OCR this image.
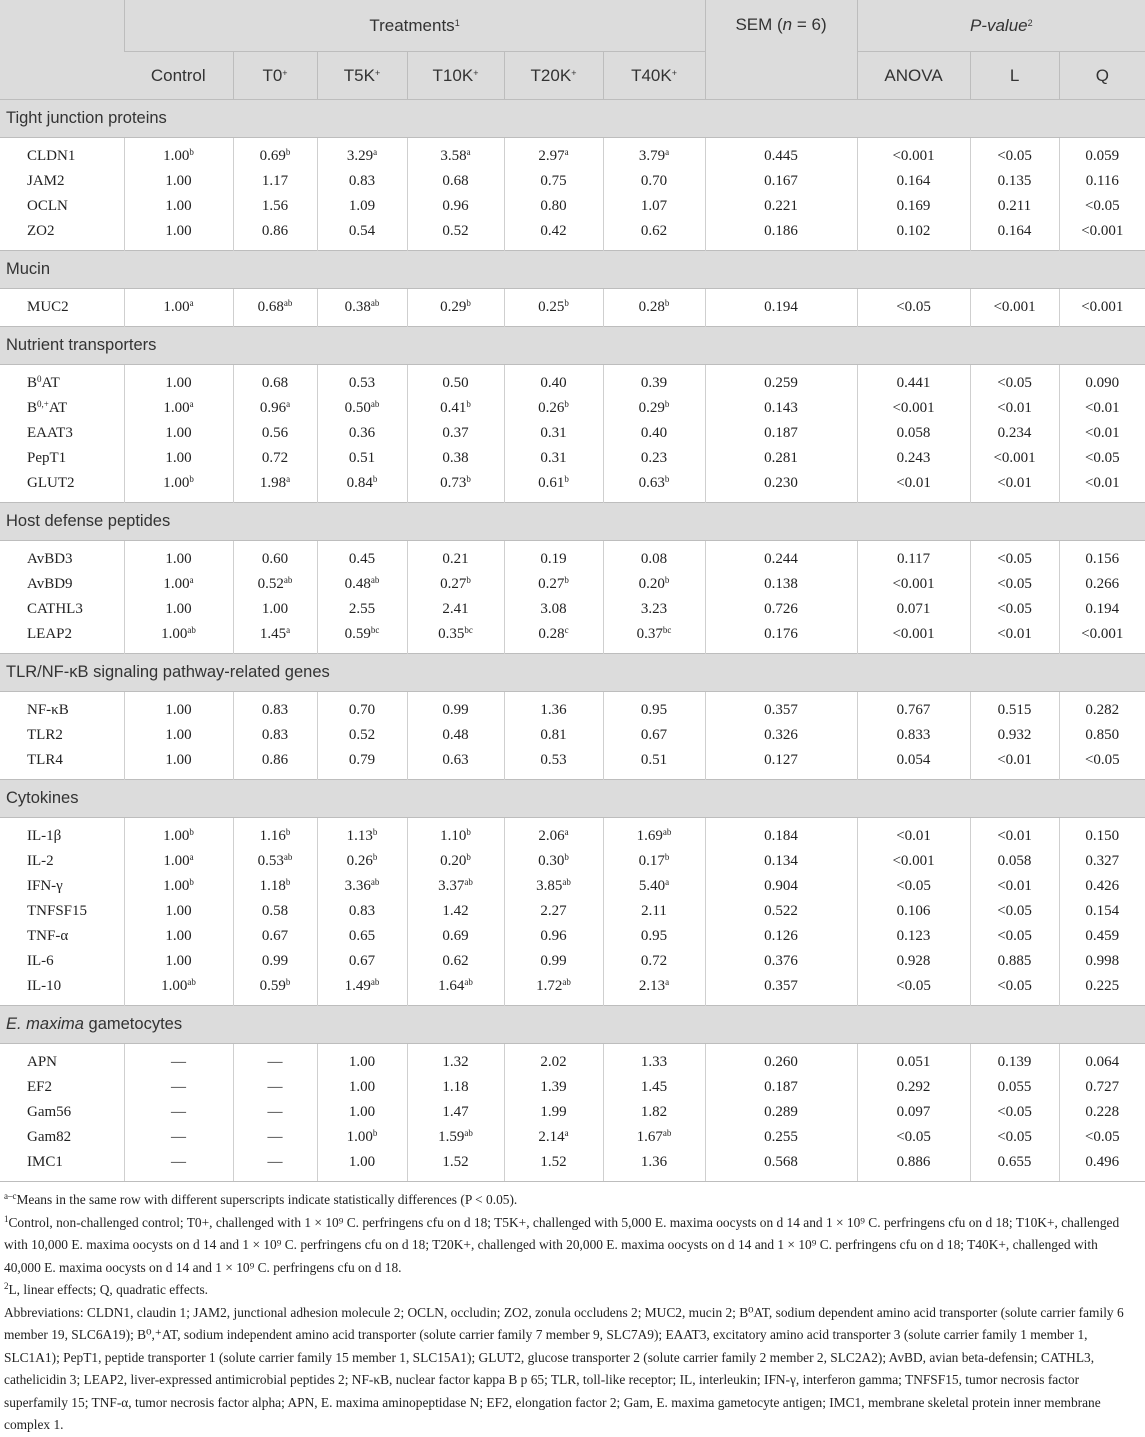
	Treatments$^1$						SEM (n = 6)	P-value$^2$
	Control	T0+	T5K+	T10K+	T20K+	T40K+		ANOVA	L	Q
Tight junction proteins										
CLDN1	1.00$^b$	0.69$^b$	3.29$^a$	3.58$^a$	2.97$^a$	3.79$^a$	0.445	<0.001	<0.05	0.059
JAM2	1.00	1.17	0.83	0.68	0.75	0.70	0.167	0.164	0.135	0.116
OCLN	1.00	1.56	1.09	0.96	0.80	1.07	0.221	0.169	0.211	<0.05
ZO2	1.00	0.86	0.54	0.52	0.42	0.62	0.186	0.102	0.164	<0.001
Mucin										
MUC2	1.00$^a$	0.68$^{ab}$	0.38$^{ab}$	0.29$^b$	0.25$^b$	0.28$^b$	0.194	<0.05	<0.001	<0.001
Nutrient transporters										
$B^0AT$	1.00	0.68	0.53	0.50	0.40	0.39	0.259	0.441	<0.05	0.090
$B^{0,+}AT$	1.00$^a$	0.96$^a$	0.50$^{ab}$	0.41$^b$	0.26$^b$	0.29$^b$	0.143	<0.001	<0.01	<0.01
EAAT3	1.00	0.56	0.36	0.37	0.31	0.40	0.187	0.058	0.234	<0.01
PepT1	1.00	0.72	0.51	0.38	0.31	0.23	0.281	0.243	<0.001	<0.05
GLUT2	1.00$^b$	1.98$^a$	0.84$^b$	0.73$^b$	0.61$^b$	0.63$^b$	0.230	<0.01	<0.01	<0.01
Host defense peptides										
AvBD3	1.00	0.60	0.45	0.21	0.19	0.08	0.244	0.117	<0.05	0.156
AvBD9	1.00$^a$	0.52$^{ab}$	0.48$^{ab}$	0.27$^b$	0.27$^b$	0.20$^b$	0.138	<0.001	<0.05	0.266
CATHL3	1.00	1.00	2.55	2.41	3.08	3.23	0.726	0.071	<0.05	0.194
LEAP2	1.00$^{ab}$	1.45$^a$	0.59$^{bc}$	0.35$^{bc}$	0.28$^c$	0.37$^{bc}$	0.176	<0.001	<0.01	<0.001
TLR/NF-κB signaling pathway-related genes										
NF-κB	1.00	0.83	0.70	0.99	1.36	0.95	0.357	0.767	0.515	0.282
TLR2	1.00	0.83	0.52	0.48	0.81	0.67	0.326	0.833	0.932	0.850
TLR4	1.00	0.86	0.79	0.63	0.53	0.51	0.127	0.054	<0.01	<0.05
Cytokines										
IL-1β	1.00$^b$	1.16$^b$	1.13$^b$	1.10$^b$	2.06$^a$	1.69$^{ab}$	0.184	<0.01	<0.01	0.150
IL-2	1.00$^a$	0.53$^{ab}$	0.26$^b$	0.20$^b$	0.30$^b$	0.17$^b$	0.134	<0.001	0.058	0.327
IFN-γ	1.00$^b$	1.18$^b$	3.36$^{ab}$	3.37$^{ab}$	3.85$^{ab}$	5.40$^a$	0.904	<0.05	<0.01	0.426
TNFSF15	1.00	0.58	0.83	1.42	2.27	2.11	0.522	0.106	<0.05	0.154
TNF-α	1.00	0.67	0.65	0.69	0.96	0.95	0.126	0.123	<0.05	0.459
IL-6	1.00	0.99	0.67	0.62	0.99	0.72	0.376	0.928	0.885	0.998
IL-10	1.00$^{ab}$	0.59$^b$	1.49$^{ab}$	1.64$^{ab}$	1.72$^{ab}$	2.13$^a$	0.357	<0.05	<0.05	0.225
E. maxima gametocytes										
APN	—	—	1.00	1.32	2.02	1.33	0.260	0.051	0.139	0.064
EF2	—	—	1.00	1.18	1.39	1.45	0.187	0.292	0.055	0.727
Gam56	—	—	1.00	1.47	1.99	1.82	0.289	0.097	<0.05	0.228
Gam82	—	—	1.00$^b$	1.59$^{ab}$	2.14$^a$	1.67$^{ab}$	0.255	<0.05	<0.05	<0.05
IMC1	—	—	1.00	1.52	1.52	1.36	0.568	0.886	0.655	0.496

$^{a-c}$Means in the same row with different superscripts indicate statistically differences (P < 0.05).

$^1$Control, non-challenged control; T0+, challenged with 1 × 10⁹ C. perfringens cfu on d 18; T5K+, challenged with 5,000 E. maxima oocysts on d 14 and 1 × 10⁹ C. perfringens cfu on d 18; T10K+, challenged with 10,000 E. maxima oocysts on d 14 and 1 × 10⁹ C. perfringens cfu on d 18; T20K+, challenged with 20,000 E. maxima oocysts on d 14 and 1 × 10⁹ C. perfringens cfu on d 18; T40K+, challenged with 40,000 E. maxima oocysts on d 14 and 1 × 10⁹ C. perfringens cfu on d 18.

$^2$L, linear effects; Q, quadratic effects.

Abbreviations: CLDN1, claudin 1; JAM2, junctional adhesion molecule 2; OCLN, occludin; ZO2, zonula occludens 2; MUC2, mucin 2; B⁰AT, sodium dependent amino acid transporter (solute carrier family 6 member 19, SLC6A19); B⁰,⁺AT, sodium independent amino acid transporter (solute carrier family 7 member 9, SLC7A9); EAAT3, excitatory amino acid transporter 3 (solute carrier family 1 member 1, SLC1A1); PepT1, peptide transporter 1 (solute carrier family 15 member 1, SLC15A1); GLUT2, glucose transporter 2 (solute carrier family 2 member 2, SLC2A2); AvBD, avian beta-defensin; CATHL3, cathelicidin 3; LEAP2, liver-expressed antimicrobial peptides 2; NF-κB, nuclear factor kappa B p 65; TLR, toll-like receptor; IL, interleukin; IFN-γ, interferon gamma; TNFSF15, tumor necrosis factor superfamily 15; TNF-α, tumor necrosis factor alpha; APN, E. maxima aminopeptidase N; EF2, elongation factor 2; Gam, E. maxima gametocyte antigen; IMC1, membrane skeletal protein inner membrane complex 1.
